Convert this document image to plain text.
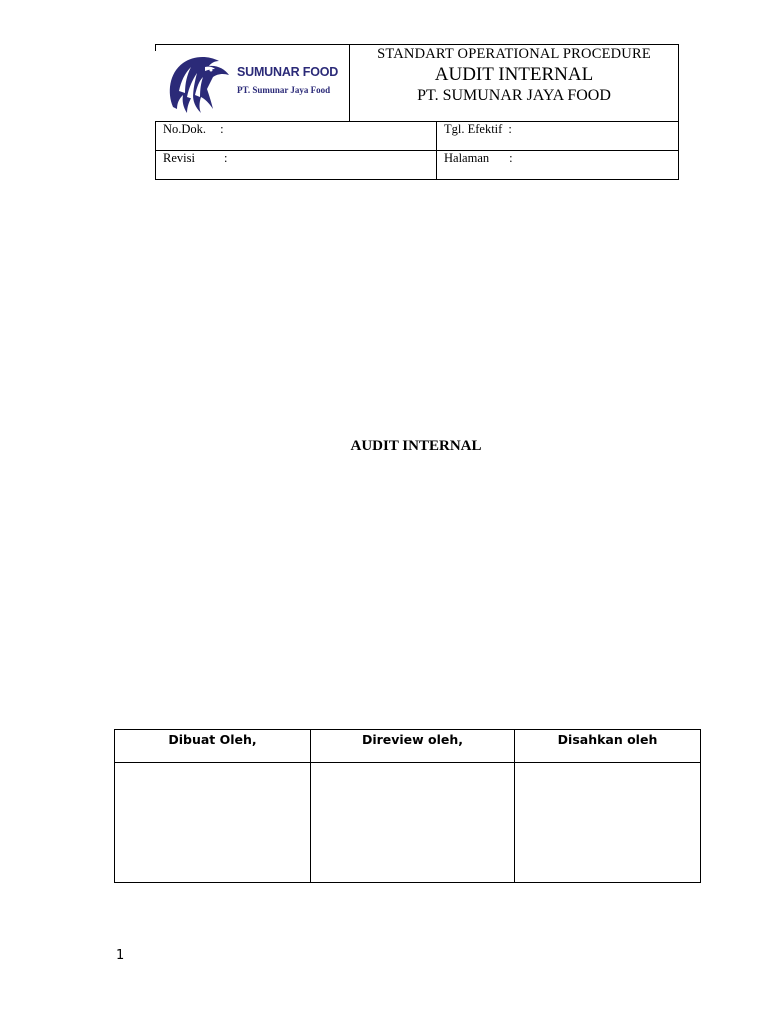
SUMUNAR FOOD
PT. Sumunar Jaya Food
STANDART OPERATIONAL PROCEDURE
AUDIT INTERNAL
PT. SUMUNAR JAYA FOOD
No.Dok. :	Tgl. Efektif :
Revisi :	Halaman :
AUDIT INTERNAL
Dibuat Oleh,	Direview oleh,	Disahkan oleh

1
